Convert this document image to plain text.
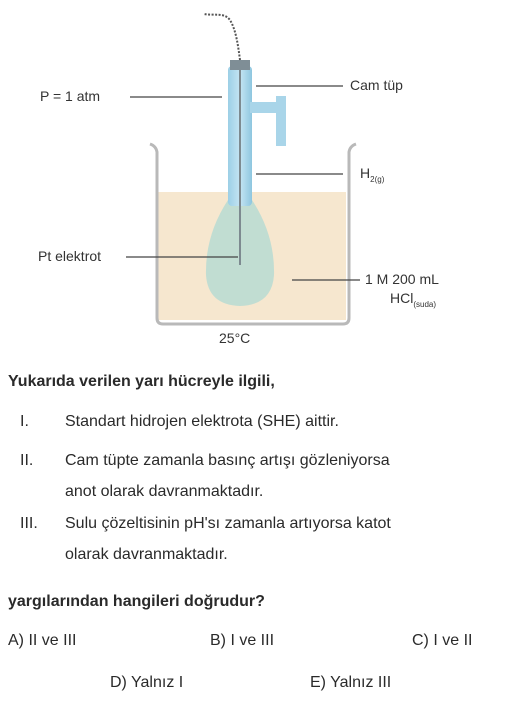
P = 1 atm
Cam tüp
$H_{2(g)}$
Pt elektrot
1 M 200 mL
HCl$_{(suda)}$
25°C
Yukarıda verilen yarı hücreyle ilgili,
I. Standart hidrojen elektrota (SHE) aittir.
II. Cam tüpte zamanla basınç artışı gözleniyorsa
anot olarak davranmaktadır.
III. Sulu çözeltisinin pH'sı zamanla artıyorsa katot
olarak davranmaktadır.
yargılarından hangileri doğrudur?
A) II ve III	B) I ve III	C) I ve II
D) Yalnız I	E) Yalnız III
